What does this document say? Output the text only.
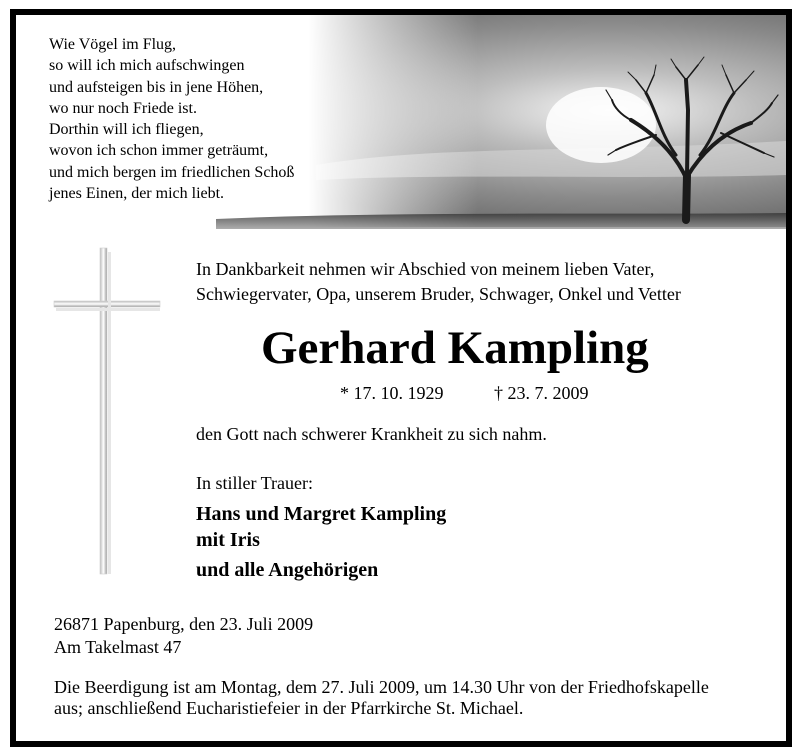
Wie Vögel im Flug,
so will ich mich aufschwingen
und aufsteigen bis in jene Höhen,
wo nur noch Friede ist.
Dorthin will ich fliegen,
wovon ich schon immer geträumt,
und mich bergen im friedlichen Schoß
jenes Einen, der mich liebt.
In Dankbarkeit nehmen wir Abschied von meinem lieben Vater,
Schwiegervater, Opa, unserem Bruder, Schwager, Onkel und Vetter
Gerhard Kampling
* 17. 10. 1929	† 23. 7. 2009
den Gott nach schwerer Krankheit zu sich nahm.
In stiller Trauer:
Hans und Margret Kampling
mit Iris
und alle Angehörigen
26871 Papenburg, den 23. Juli 2009
Am Takelmast 47
Die Beerdigung ist am Montag, dem 27. Juli 2009, um 14.30 Uhr von der Friedhofskapelle
aus; anschließend Eucharistiefeier in der Pfarrkirche St. Michael.
